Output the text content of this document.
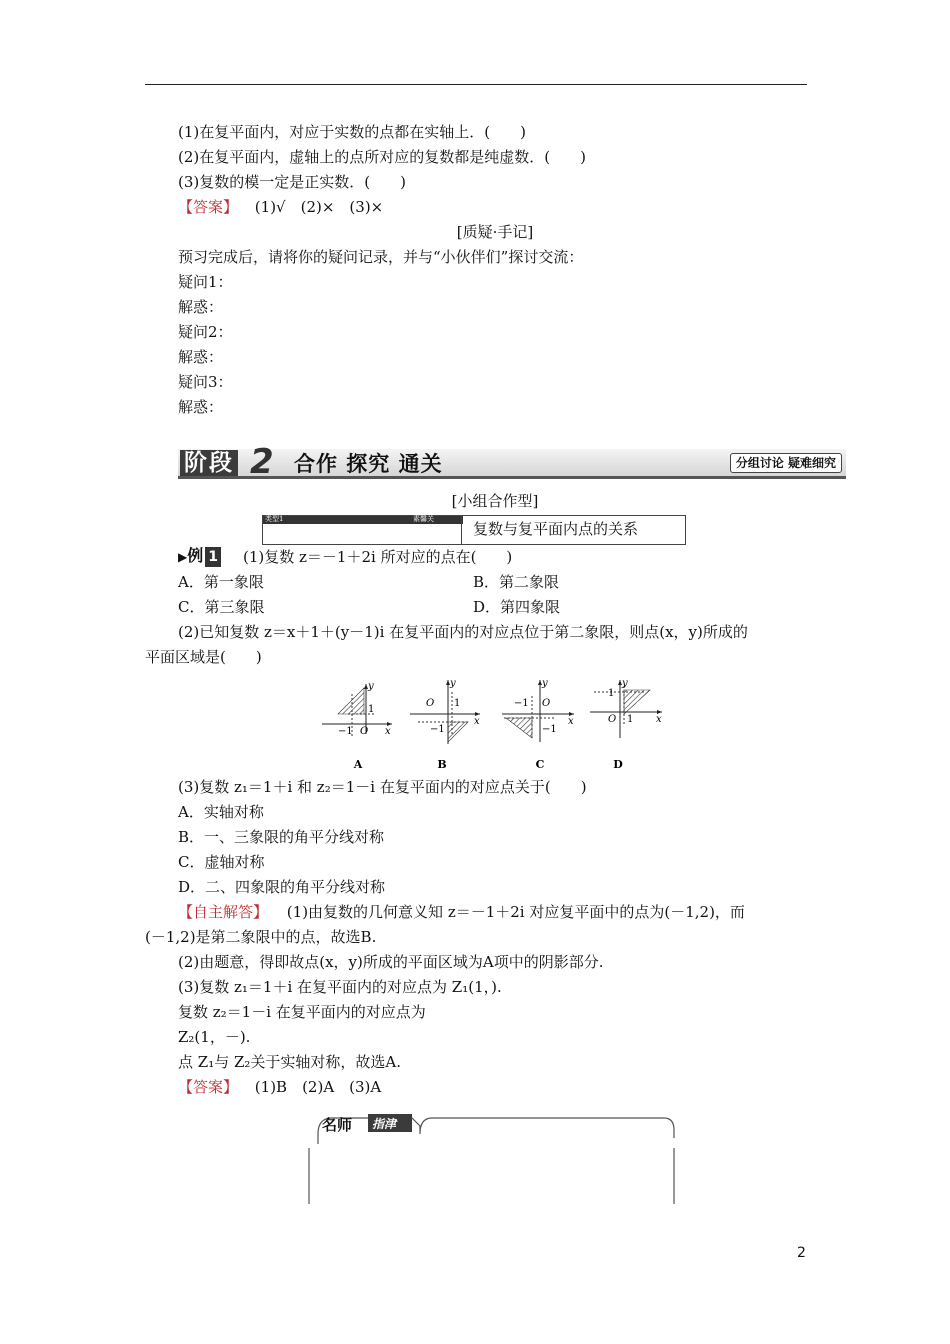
(1)在复平面内，对应于实数的点都在实轴上．(　　)
(2)在复平面内，虚轴上的点所对应的复数都是纯虚数．(　　)
(3)复数的模一定是正实数．(　　)
【答案】 (1)√　(2)×　(3)×
[质疑·手记]
预习完成后，请将你的疑问记录，并与“小伙伴们”探讨交流：
疑问1：
解惑：
疑问2：
解惑：
疑问3：
解惑：
阶段 2 合作 探究 通关	分组讨论 疑难细究
[小组合作型]
类型1	素馨关
复数与复平面内点的关系
▶例 1 (1)复数 z＝－1＋2i 所对应的点在(　　)
A．第一象限	B．第二象限
C．第三象限	D．第四象限
(2)已知复数 z＝x＋1＋(y－1)i 在复平面内的对应点位于第二象限，则点(x，y)所成的
平面区域是(　　)
y
x
1
−1 O
y
x
O 1
−1
y
x
−1 O
−1
y
x
1
O 1
A	B	C	D
(3)复数 z₁＝1＋i 和 z₂＝1－i 在复平面内的对应点关于(　　)
A．实轴对称
B．一、三象限的角平分线对称
C．虚轴对称
D．二、四象限的角平分线对称
【自主解答】 (1)由复数的几何意义知 z＝－1＋2i 对应复平面中的点为(－1,2)，而
(－1,2)是第二象限中的点，故选B.
(2)由题意，得即故点(x，y)所成的平面区域为A项中的阴影部分.
(3)复数 z₁＝1＋i 在复平面内的对应点为 Z₁(1，).
复数 z₂＝1－i 在复平面内的对应点为
Z₂(1，－).
点 Z₁与 Z₂关于实轴对称，故选A.
【答案】 (1)B　(2)A　(3)A
名师 指津
2
